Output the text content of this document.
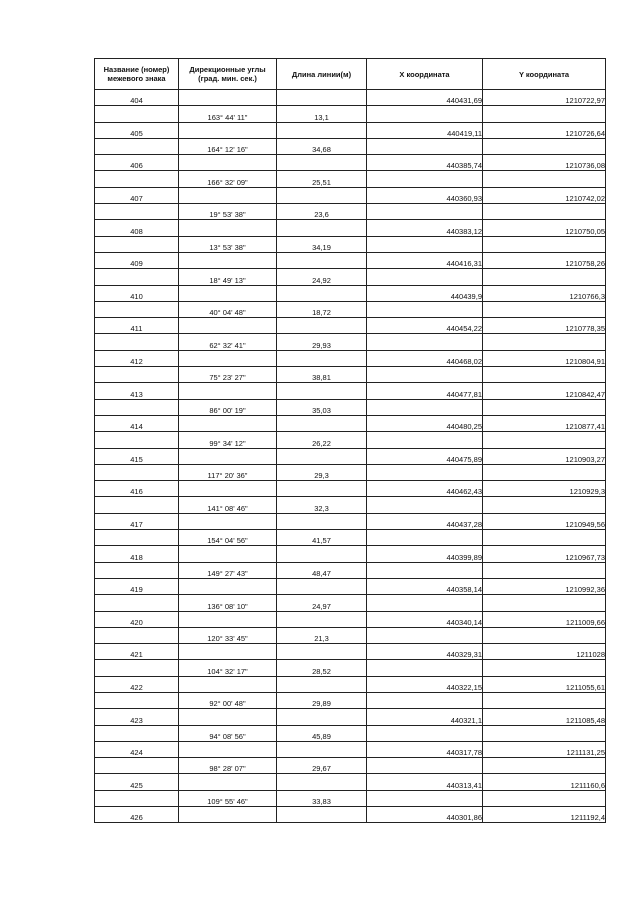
Название (номер) межевого знака	Дирекционные углы (град. мин. сек.)	Длина линии(м)	X координата	Y координата
404			440431,69	1210722,97
	163° 44' 11"	13,1		
405			440419,11	1210726,64
	164° 12' 16"	34,68		
406			440385,74	1210736,08
	166° 32' 09"	25,51		
407			440360,93	1210742,02
	19° 53' 38"	23,6		
408			440383,12	1210750,05
	13° 53' 38"	34,19		
409			440416,31	1210758,26
	18° 49' 13"	24,92		
410			440439,9	1210766,3
	40° 04' 48"	18,72		
411			440454,22	1210778,35
	62° 32' 41"	29,93		
412			440468,02	1210804,91
	75° 23' 27"	38,81		
413			440477,81	1210842,47
	86° 00' 19"	35,03		
414			440480,25	1210877,41
	99° 34' 12"	26,22		
415			440475,89	1210903,27
	117° 20' 36"	29,3		
416			440462,43	1210929,3
	141° 08' 46"	32,3		
417			440437,28	1210949,56
	154° 04' 56"	41,57		
418			440399,89	1210967,73
	149° 27' 43"	48,47		
419			440358,14	1210992,36
	136° 08' 10"	24,97		
420			440340,14	1211009,66
	120° 33' 45"	21,3		
421			440329,31	1211028
	104° 32' 17"	28,52		
422			440322,15	1211055,61
	92° 00' 48"	29,89		
423			440321,1	1211085,48
	94° 08' 56"	45,89		
424			440317,78	1211131,25
	98° 28' 07"	29,67		
425			440313,41	1211160,6
	109° 55' 46"	33,83		
426			440301,86	1211192,4
